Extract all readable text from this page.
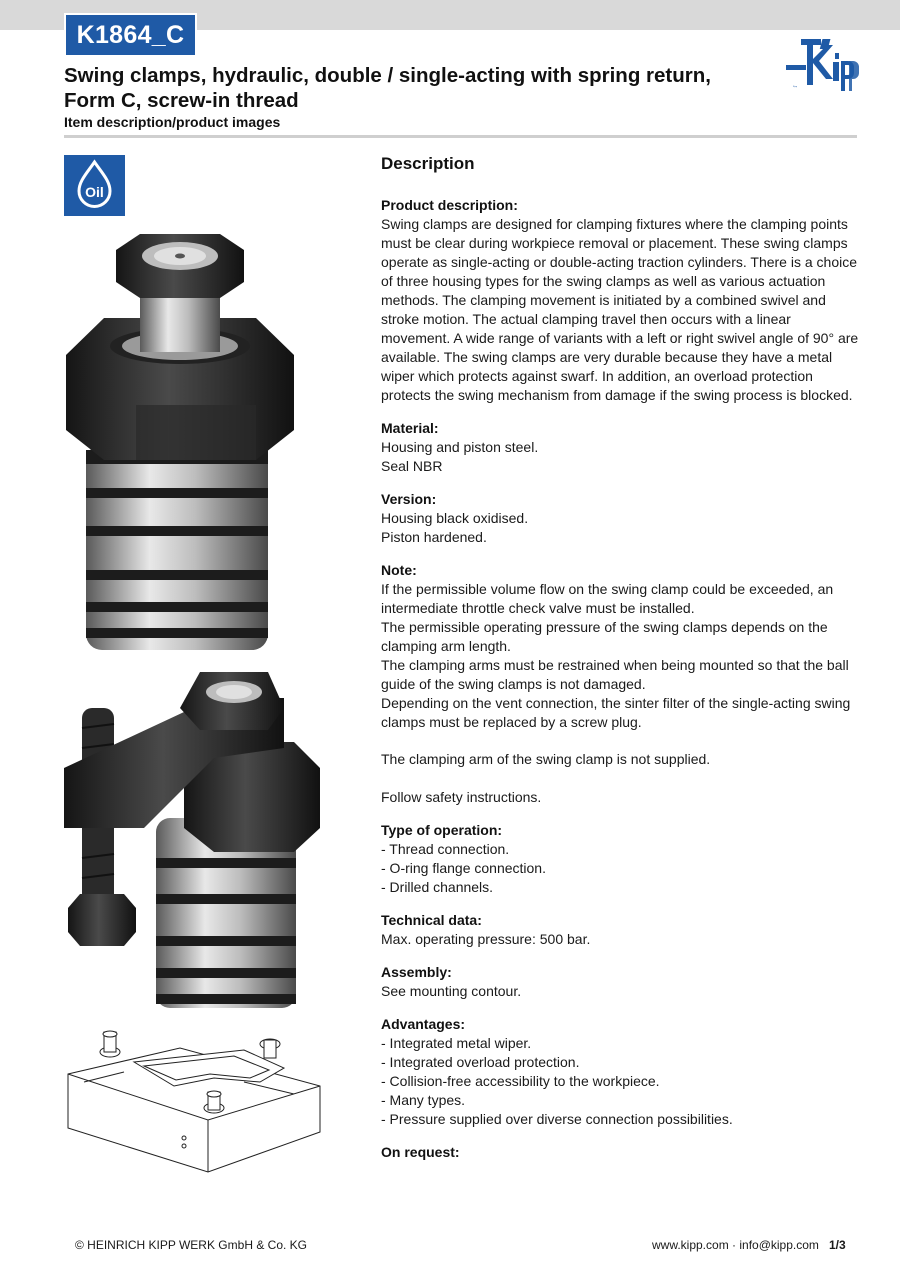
K1864_C
Swing clamps, hydraulic, double / single-acting with spring return, Form C, screw-in thread
Item description/product images
Kipp
Oil
Description
Product description:
Swing clamps are designed for clamping fixtures where the clamping points must be clear during workpiece removal or placement. These swing clamps operate as single-acting or double-acting traction cylinders. There is a choice of three housing types for the swing clamps as well as various actuation methods. The clamping movement is initiated by a combined swivel and stroke motion. The actual clamping travel then occurs with a linear movement. A wide range of variants with a left or right swivel angle of 90° are available. The swing clamps are very durable because they have a metal wiper which protects against swarf. In addition, an overload protection protects the swing mechanism from damage if the swing process is blocked.
Material:
Housing and piston steel.
Seal NBR
Version:
Housing black oxidised.
Piston hardened.
Note:
If the permissible volume flow on the swing clamp could be exceeded, an intermediate throttle check valve must be installed.
The permissible operating pressure of the swing clamps depends on the clamping arm length.
The clamping arms must be restrained when being mounted so that the ball guide of the swing clamps is not damaged.
Depending on the vent connection, the sinter filter of the single-acting swing clamps must be replaced by a screw plug.
The clamping arm of the swing clamp is not supplied.
Follow safety instructions.
Type of operation:
- Thread connection.
- O-ring flange connection.
- Drilled channels.
Technical data:
Max. operating pressure: 500 bar.
Assembly:
See mounting contour.
Advantages:
- Integrated metal wiper.
- Integrated overload protection.
- Collision-free accessibility to the workpiece.
- Many types.
- Pressure supplied over diverse connection possibilities.
On request:
© HEINRICH KIPP WERK GmbH & Co. KG	www.kipp.com · info@kipp.com 1/3
